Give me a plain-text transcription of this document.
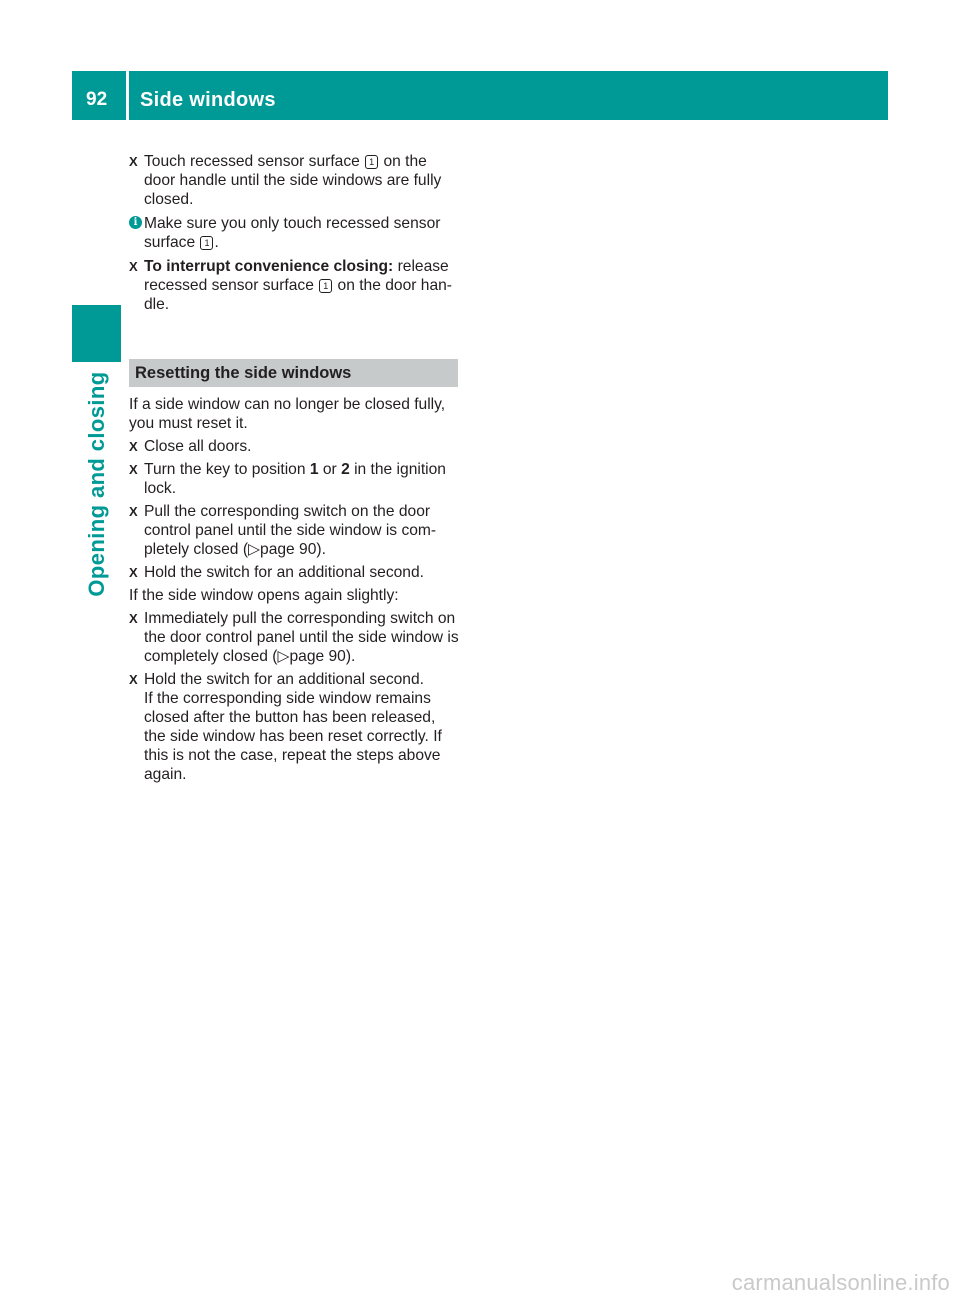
92 Side windows
Opening and closing
X Touch recessed sensor surface 1 on the door handle until the side windows are fully closed.
i Make sure you only touch recessed sensor surface 1 .
X To interrupt convenience closing: release recessed sensor surface 1 on the door han-dle.
Resetting the side windows

If a side window can no longer be closed fully, you must reset it.

X Close all doors.
X Turn the key to position 1 or 2 in the ignition lock.
X Pull the corresponding switch on the door control panel until the side window is com-pletely closed (▷page 90).
X Hold the switch for an additional second.

If the side window opens again slightly:

X Immediately pull the corresponding switch on the door control panel until the side window is completely closed (▷page 90).
X Hold the switch for an additional second.
If the corresponding side window remains closed after the button has been released, the side window has been reset correctly. If this is not the case, repeat the steps above again.
carmanualsonline.info
